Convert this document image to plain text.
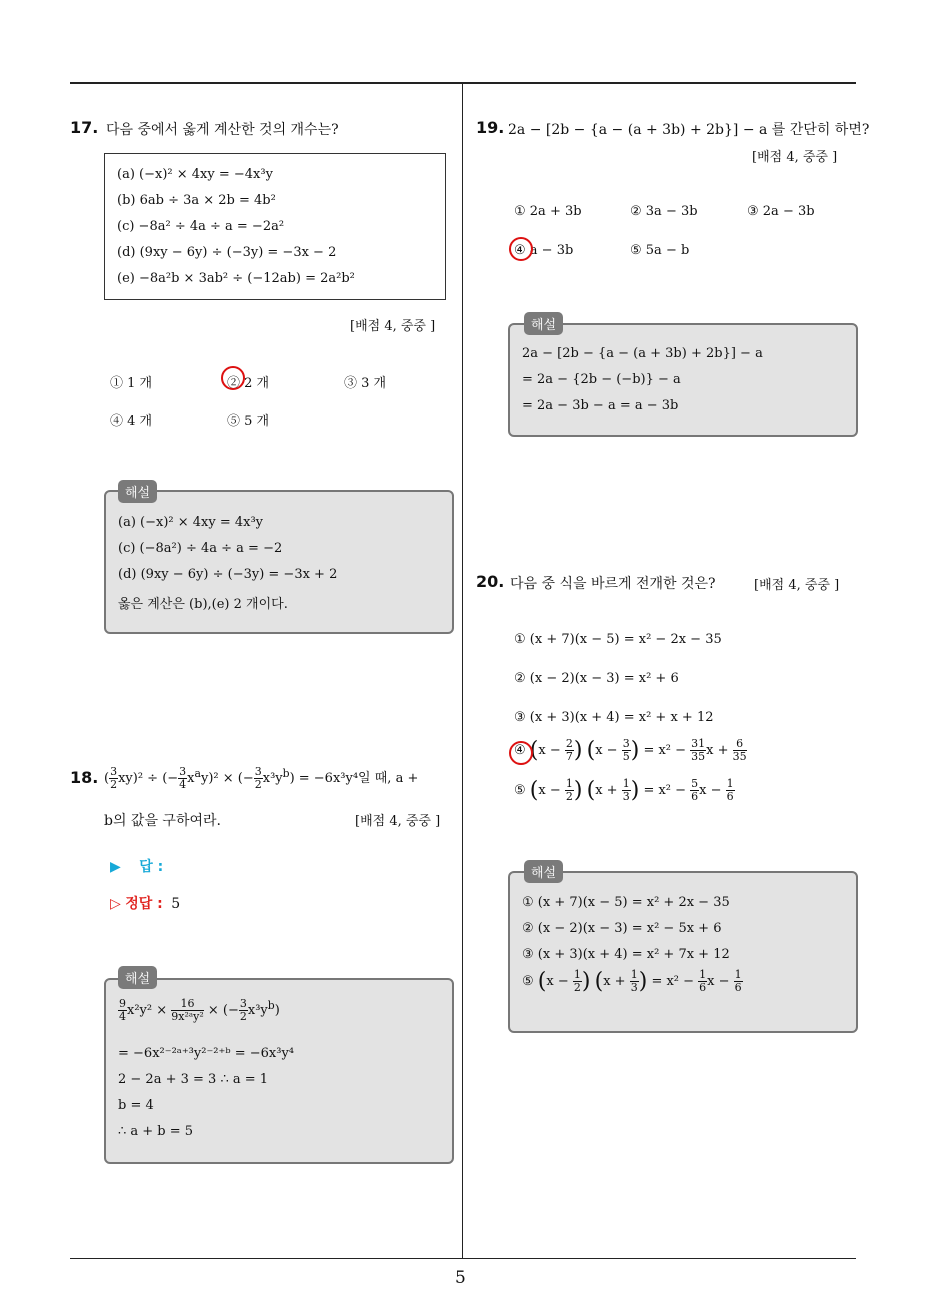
5
17. 다음 중에서 옳게 계산한 것의 개수는?
(a) (−x)² × 4xy = −4x³y
(b) 6ab ÷ 3a × 2b = 4b²
(c) −8a² ÷ 4a ÷ a = −2a²
(d) (9xy − 6y) ÷ (−3y) = −3x − 2
(e) −8a²b × 3ab² ÷ (−12ab) = 2a²b²
[배점 4, 중중 ]
① 1 개	② 2 개	③ 3 개
④ 4 개	⑤ 5 개
(a) (−x)² × 4xy = 4x³y
(c) (−8a²) ÷ 4a ÷ a = −2
(d) (9xy − 6y) ÷ (−3y) = −3x + 2
옳은 계산은 (b),(e) 2 개이다.
해설
18. ( $\frac{3}{2} xy)^2$ ÷ (− $\frac{3}{4} x^ay)^2$ × (− $\frac{3}{2} x^3y^b) = -6x^3y^4$일 때, a +
b의 값을 구하여라.	[배점 4, 중중 ]
▶ 답 :
▷ 정답 : 5
$\frac{9}{4} x^2y^2 \times \frac{16}{\text{9x²ᵃy²}}$ × (− $\frac{3}{2} x^3y^b$)
= −6x²⁻²ᵃ⁺³y²⁻²⁺ᵇ = −6x³y⁴
2 − 2a + 3 = 3 ∴ a = 1
b = 4
∴ a + b = 5
해설
19. 2a − [2b − {a − (a + 3b) + 2b}] − a 를 간단히 하면?
[배점 4, 중중 ]
① 2a + 3b	② 3a − 3b	③ 2a − 3b
④ a − 3b	⑤ 5a − b
2a − [2b − {a − (a + 3b) + 2b}] − a
= 2a − {2b − (−b)} − a
= 2a − 3b − a = a − 3b
해설
20. 다음 중 식을 바르게 전개한 것은?	[배점 4, 중중 ]
① (x + 7)(x − 5) = x² − 2x − 35
② (x − 2)(x − 3) = x² + 6
③ (x + 3)(x + 4) = x² + x + 12
④ ($x - \frac{2}{7}$ ) ($x - \frac{3}{5}$ ) = $x^2 - \frac{31}{35}$ $x + \frac{6}{35}$
⑤ ($x - \frac{1}{2}$ ) ($x + \frac{1}{3}$ ) = $x^2 - \frac{5}{6}$ $x - \frac{1}{6}$
① (x + 7)(x − 5) = x² + 2x − 35
② (x − 2)(x − 3) = x² − 5x + 6
③ (x + 3)(x + 4) = x² + 7x + 12
⑤ ($x - \frac{1}{2}$ ) ($x + \frac{1}{3}$ ) = $x^2 - \frac{1}{6}$ $x - \frac{1}{6}$
해설
